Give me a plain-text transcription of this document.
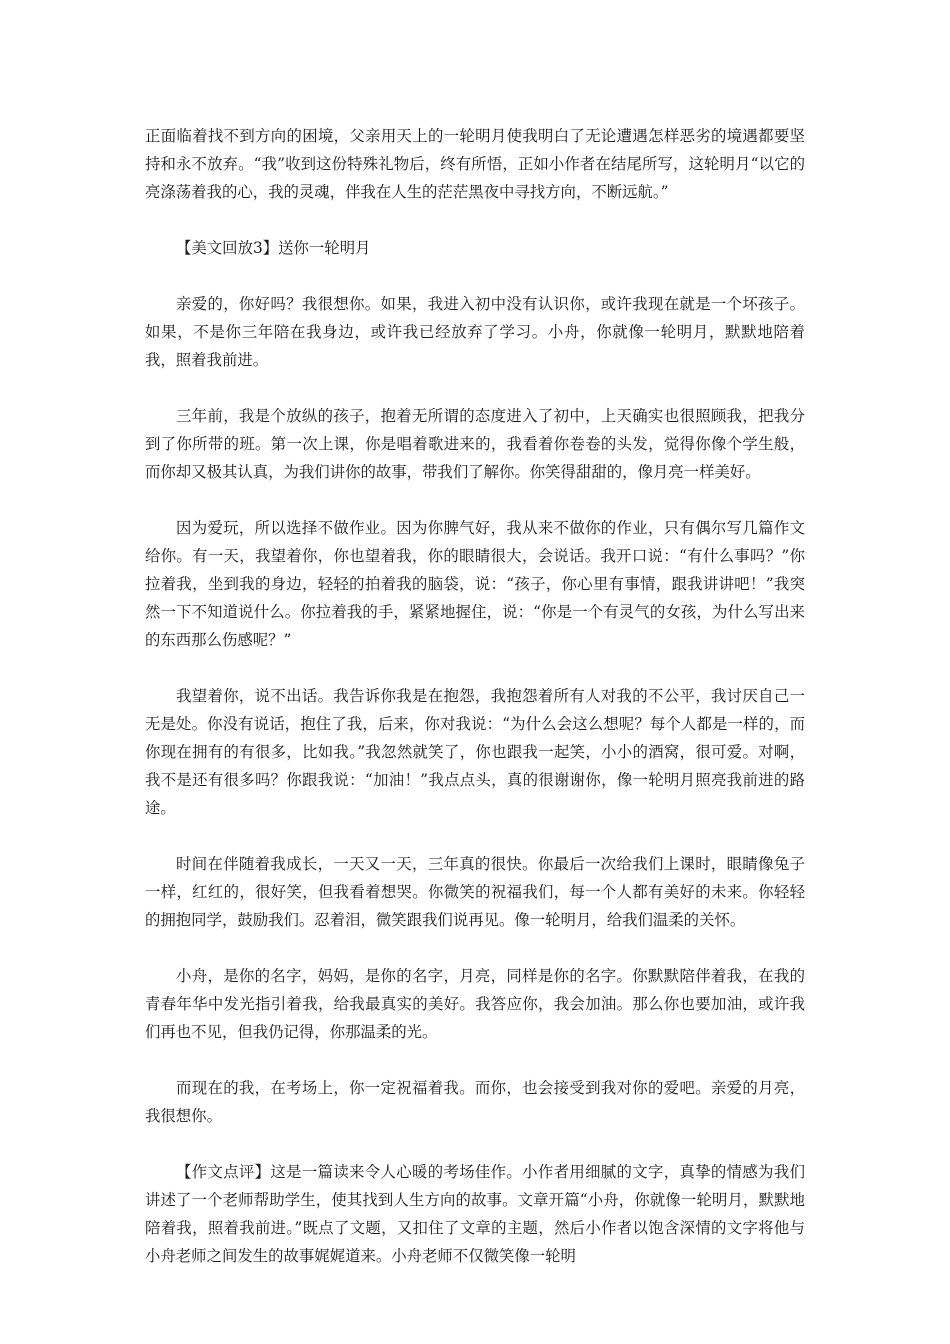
正面临着找不到方向的困境，父亲用天上的一轮明月使我明白了无论遭遇怎样恶劣的境遇都要坚持和永不放弃。“我”收到这份特殊礼物后，终有所悟，正如小作者在结尾所写，这轮明月“以它的亮涤荡着我的心，我的灵魂，伴我在人生的茫茫黑夜中寻找方向，不断远航。”

【美文回放3】送你一轮明月

亲爱的，你好吗？我很想你。如果，我进入初中没有认识你，或许我现在就是一个坏孩子。如果，不是你三年陪在我身边，或许我已经放弃了学习。小舟，你就像一轮明月，默默地陪着我，照着我前进。

三年前，我是个放纵的孩子，抱着无所谓的态度进入了初中，上天确实也很照顾我，把我分到了你所带的班。第一次上课，你是唱着歌进来的，我看着你卷卷的头发，觉得你像个学生般，而你却又极其认真，为我们讲你的故事，带我们了解你。你笑得甜甜的，像月亮一样美好。

因为爱玩，所以选择不做作业。因为你脾气好，我从来不做你的作业，只有偶尔写几篇作文给你。有一天，我望着你，你也望着我，你的眼睛很大，会说话。我开口说：“有什么事吗？”你拉着我，坐到我的身边，轻轻的拍着我的脑袋，说：“孩子，你心里有事情，跟我讲讲吧！”我突然一下不知道说什么。你拉着我的手，紧紧地握住，说：“你是一个有灵气的女孩，为什么写出来的东西那么伤感呢？”

我望着你，说不出话。我告诉你我是在抱怨，我抱怨着所有人对我的不公平，我讨厌自己一无是处。你没有说话，抱住了我，后来，你对我说：“为什么会这么想呢？每个人都是一样的，而你现在拥有的有很多，比如我。”我忽然就笑了，你也跟我一起笑，小小的酒窝，很可爱。对啊，我不是还有很多吗？你跟我说：“加油！”我点点头，真的很谢谢你，像一轮明月照亮我前进的路途。

时间在伴随着我成长，一天又一天，三年真的很快。你最后一次给我们上课时，眼睛像兔子一样，红红的，很好笑，但我看着想哭。你微笑的祝福我们，每一个人都有美好的未来。你轻轻的拥抱同学，鼓励我们。忍着泪，微笑跟我们说再见。像一轮明月，给我们温柔的关怀。

小舟，是你的名字，妈妈，是你的名字，月亮，同样是你的名字。你默默陪伴着我，在我的青春年华中发光指引着我，给我最真实的美好。我答应你，我会加油。那么你也要加油，或许我们再也不见，但我仍记得，你那温柔的光。

而现在的我，在考场上，你一定祝福着我。而你，也会接受到我对你的爱吧。亲爱的月亮，我很想你。

【作文点评】这是一篇读来令人心暖的考场佳作。小作者用细腻的文字，真挚的情感为我们讲述了一个老师帮助学生，使其找到人生方向的故事。文章开篇“小舟，你就像一轮明月，默默地陪着我，照着我前进。”既点了文题，又扣住了文章的主题，然后小作者以饱含深情的文字将他与小舟老师之间发生的故事娓娓道来。小舟老师不仅微笑像一轮明
